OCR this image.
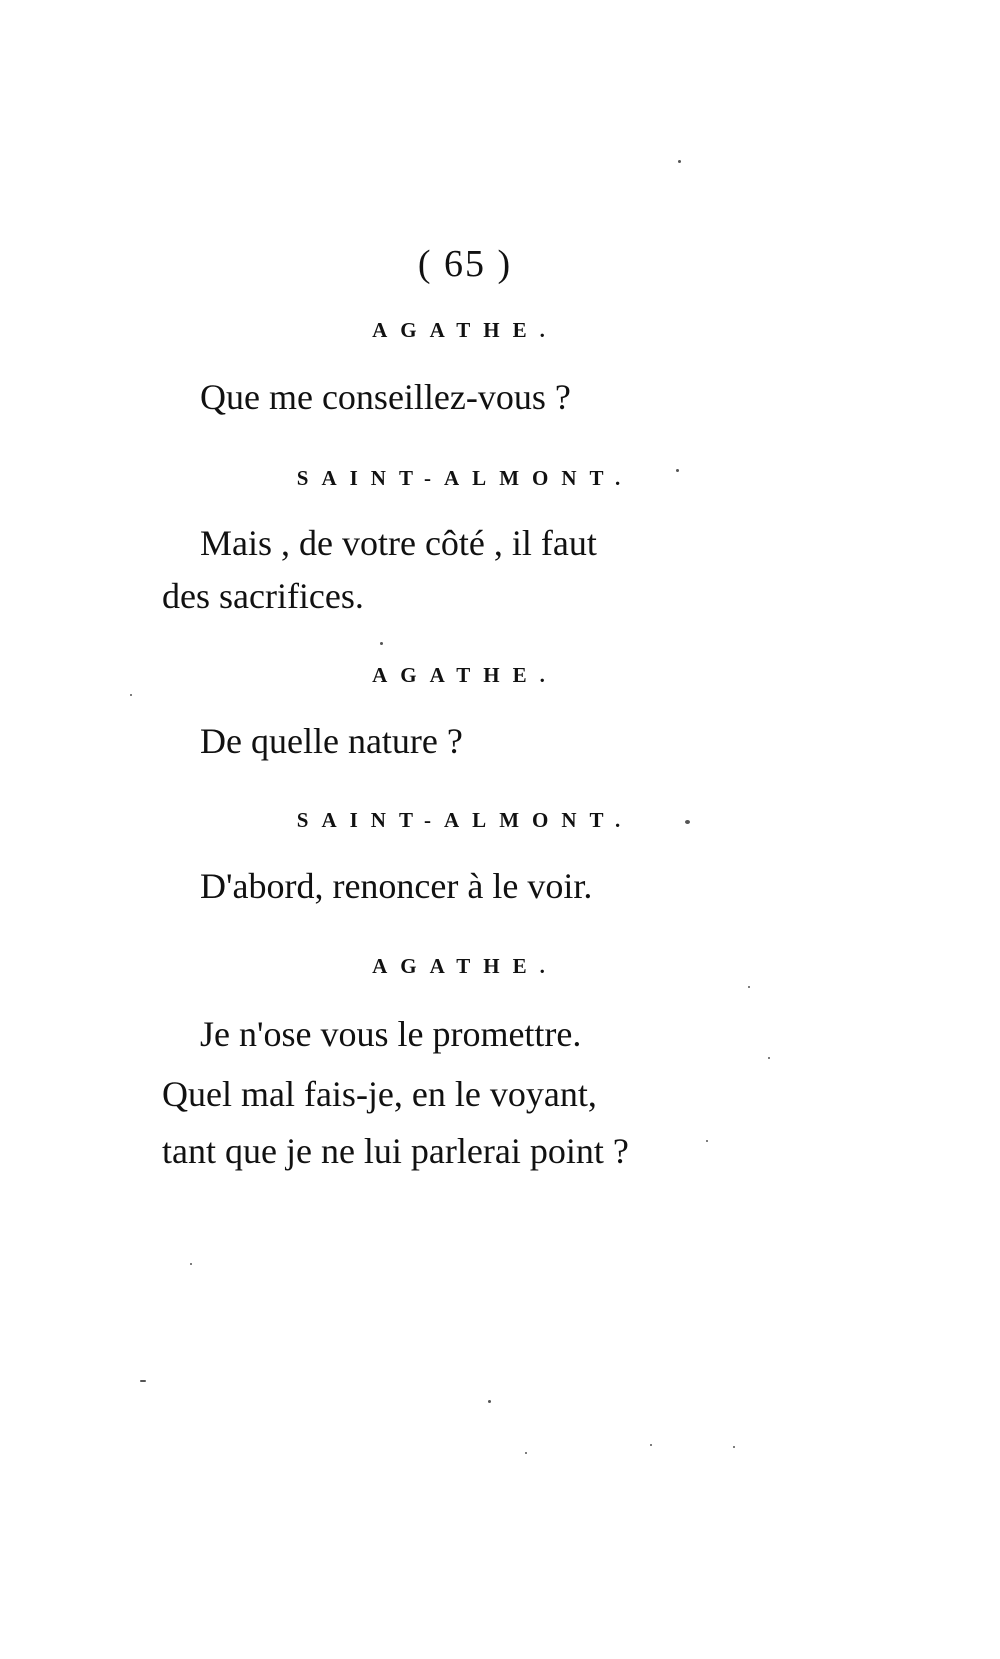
( 65 )
AGATHE.
Que me conseillez-vous ?
SAINT-ALMONT.
Mais , de votre côté , il faut
des sacrifices.
AGATHE.
De quelle nature ?
SAINT-ALMONT.
D'abord, renoncer à le voir.
AGATHE.
Je n'ose vous le promettre.
Quel mal fais-je, en le voyant,
tant que je ne lui parlerai point ?
